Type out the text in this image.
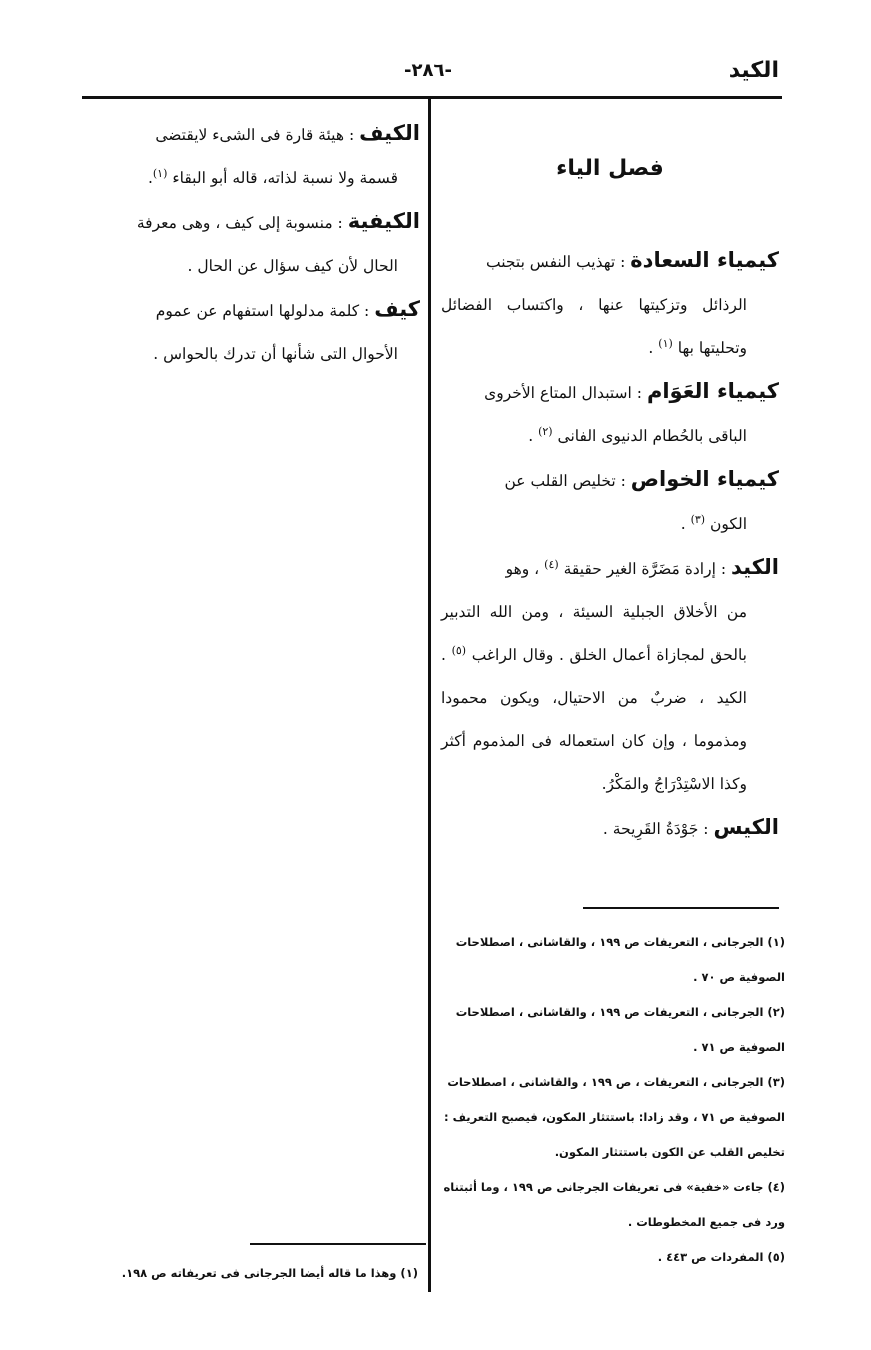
الكيد
-٢٨٦-
فصل الياء

كيمياء السعادة : تهذيب النفس بتجنب
الرذائل وتزكيتها عنها ، واكتساب الفضائل وتحليتها بها $^{(١)}$ .

كيمياء العَوَام : استبدال المتاع الأخروى
الباقى بالحُطام الدنيوى الفانى $^{(٢)}$ .

كيمياء الخواص : تخليص القلب عن
الكون $^{(٣)}$ .

الكيد : إرادة مَضَرَّة الغير حقيقة $^{(٤)}$ ، وهو
من الأخلاق الجبلية السيئة ، ومن الله التدبير بالحق لمجازاة أعمال الخلق . وقال الراغب $^{(٥)}$ . الكيد ، ضربٌ من الاحتيال، ويكون محمودا ومذموما ، وإن كان استعماله فى المذموم أكثر وكذا الاسْتِدْرَاجُ والمَكْرُ.

الكيس : جَوْدَةُ القَرِيحة .

(١) الجرجانى ، التعريفات ص ١٩٩ ، والقاشانى ، اصطلاحات الصوفية ص ٧٠ .

(٢) الجرجانى ، التعريفات ص ١٩٩ ، والقاشانى ، اصطلاحات الصوفية ص ٧١ .

(٣) الجرجانى ، التعريفات ، ص ١٩٩ ، والقاشانى ، اصطلاحات الصوفية ص ٧١ ، وقد زادا: باستتثار المكون، فيصبح التعريف : تخليص القلب عن الكون باستتثار المكون.

(٤) جاءت «خفية» فى تعريفات الجرجانى ص ١٩٩ ، وما أثبتناه ورد فى جميع المخطوطات .

(٥) المفردات ص ٤٤٣ .

الكيف : هيئة قارة فى الشىء لايقتضى
قسمة ولا نسبة لذاته، قاله أبو البقاء $^{(١)}$.

الكيفية : منسوبة إلى كيف ، وهى معرفة
الحال لأن كيف سؤال عن الحال .

كيف : كلمة مدلولها استفهام عن عموم
الأحوال التى شأنها أن تدرك بالحواس .

(١) وهذا ما قاله أيضا الجرجانى فى تعريفاته ص ١٩٨.
